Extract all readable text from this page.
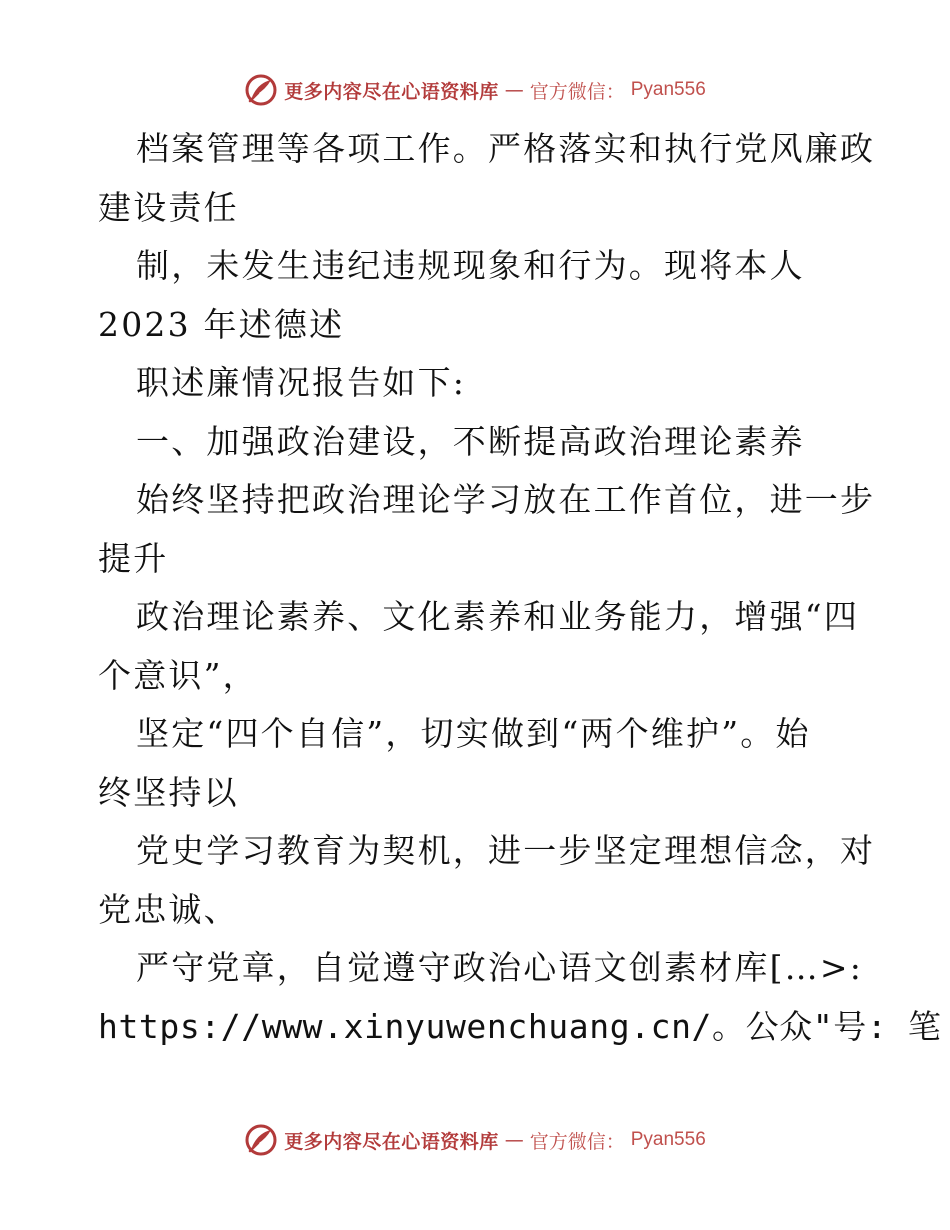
更多内容尽在心语资料库 — 官方微信： Pyan556
档案管理等各项工作。严格落实和执行党风廉政
建设责任
制，未发生违纪违规现象和行为。现将本人
2023 年述德述
职述廉情况报告如下:
一、加强政治建设，不断提高政治理论素养
始终坚持把政治理论学习放在工作首位，进一步
提升
政治理论素养、文化素养和业务能力，增强“四
个意识”，
坚定“四个自信”，切实做到“两个维护”。始
终坚持以
党史学习教育为契机，进一步坚定理想信念，对
党忠诚、
严守党章，自觉遵守政治心语文创素材库[…>:
https://www.xinyuwenchuang.cn/。公众"号: 笔
更多内容尽在心语资料库 — 官方微信： Pyan556
